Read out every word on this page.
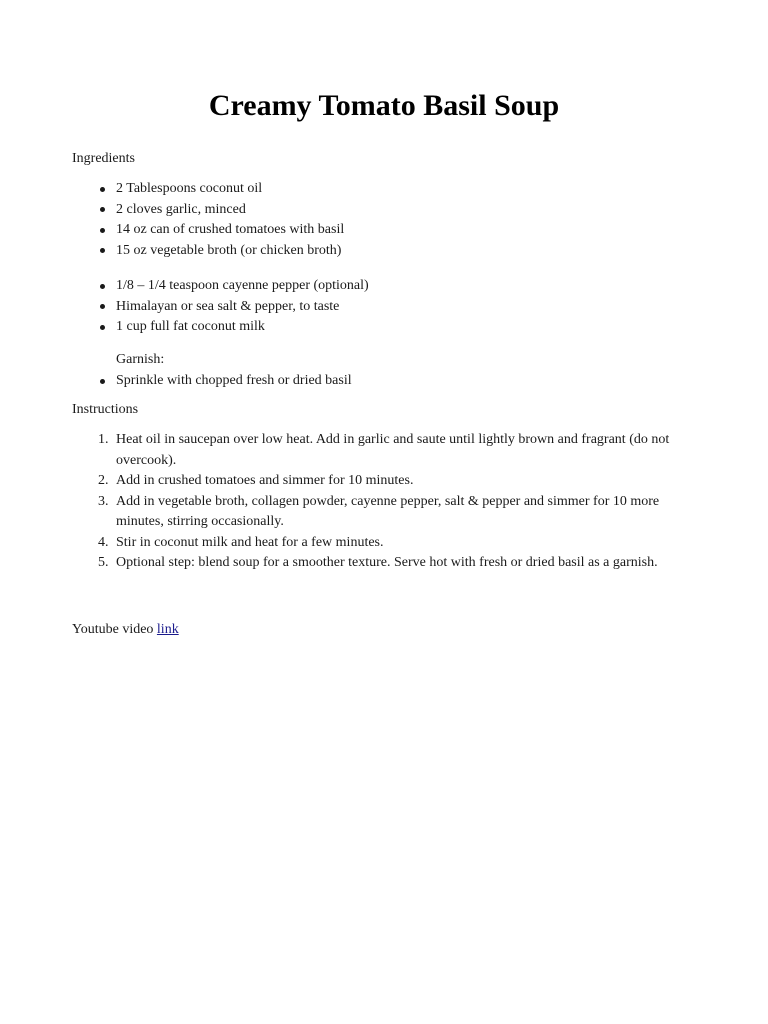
Creamy Tomato Basil Soup
Ingredients
2 Tablespoons coconut oil
2 cloves garlic, minced
14 oz can of crushed tomatoes with basil
15 oz vegetable broth (or chicken broth)
1/8 – 1/4 teaspoon cayenne pepper (optional)
Himalayan or sea salt & pepper, to taste
1 cup full fat coconut milk
Garnish:
Sprinkle with chopped fresh or dried basil
Instructions
1. Heat oil in saucepan over low heat. Add in garlic and saute until lightly brown and fragrant (do not overcook).
2. Add in crushed tomatoes and simmer for 10 minutes.
3. Add in vegetable broth, collagen powder, cayenne pepper, salt & pepper and simmer for 10 more minutes, stirring occasionally.
4. Stir in coconut milk and heat for a few minutes.
5. Optional step: blend soup for a smoother texture. Serve hot with fresh or dried basil as a garnish.
Youtube video link
